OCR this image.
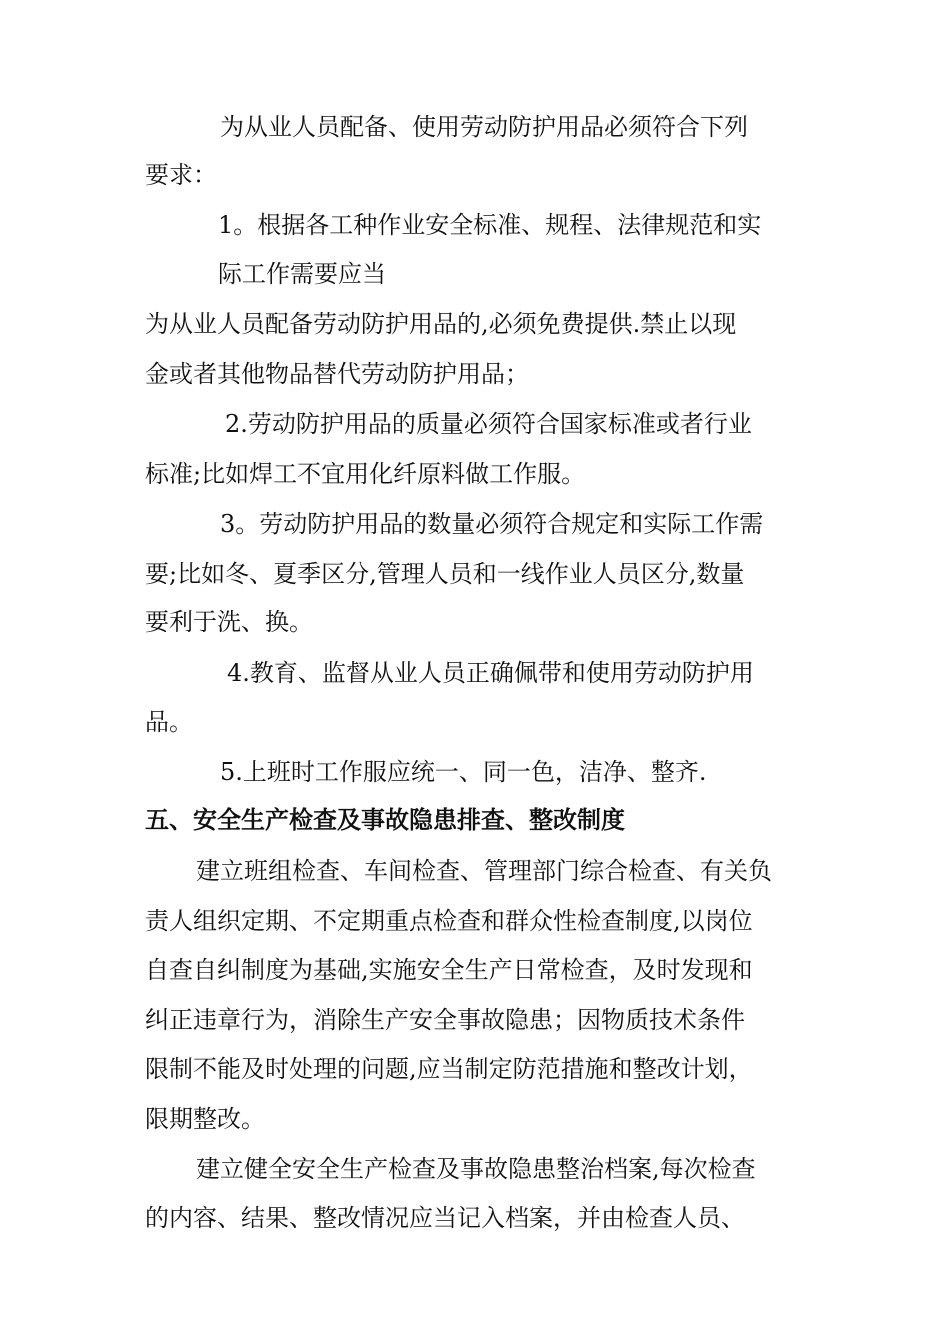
为从业人员配备、使用劳动防护用品必须符合下列
要求：
1。根据各工种作业安全标准、规程、法律规范和实
际工作需要应当
为从业人员配备劳动防护用品的,必须免费提供.禁止以现
金或者其他物品替代劳动防护用品；
2.劳动防护用品的质量必须符合国家标准或者行业
标准;比如焊工不宜用化纤原料做工作服。
3。劳动防护用品的数量必须符合规定和实际工作需
要;比如冬、夏季区分,管理人员和一线作业人员区分,数量
要利于洗、换。
4.教育、监督从业人员正确佩带和使用劳动防护用
品。
5.上班时工作服应统一、同一色，洁净、整齐.
五、安全生产检查及事故隐患排查、整改制度
建立班组检查、车间检查、管理部门综合检查、有关负
责人组织定期、不定期重点检查和群众性检查制度,以岗位
自查自纠制度为基础,实施安全生产日常检查，及时发现和
纠正违章行为，消除生产安全事故隐患；因物质技术条件
限制不能及时处理的问题,应当制定防范措施和整改计划，
限期整改。
建立健全安全生产检查及事故隐患整治档案,每次检查
的内容、结果、整改情况应当记入档案，并由检查人员、
